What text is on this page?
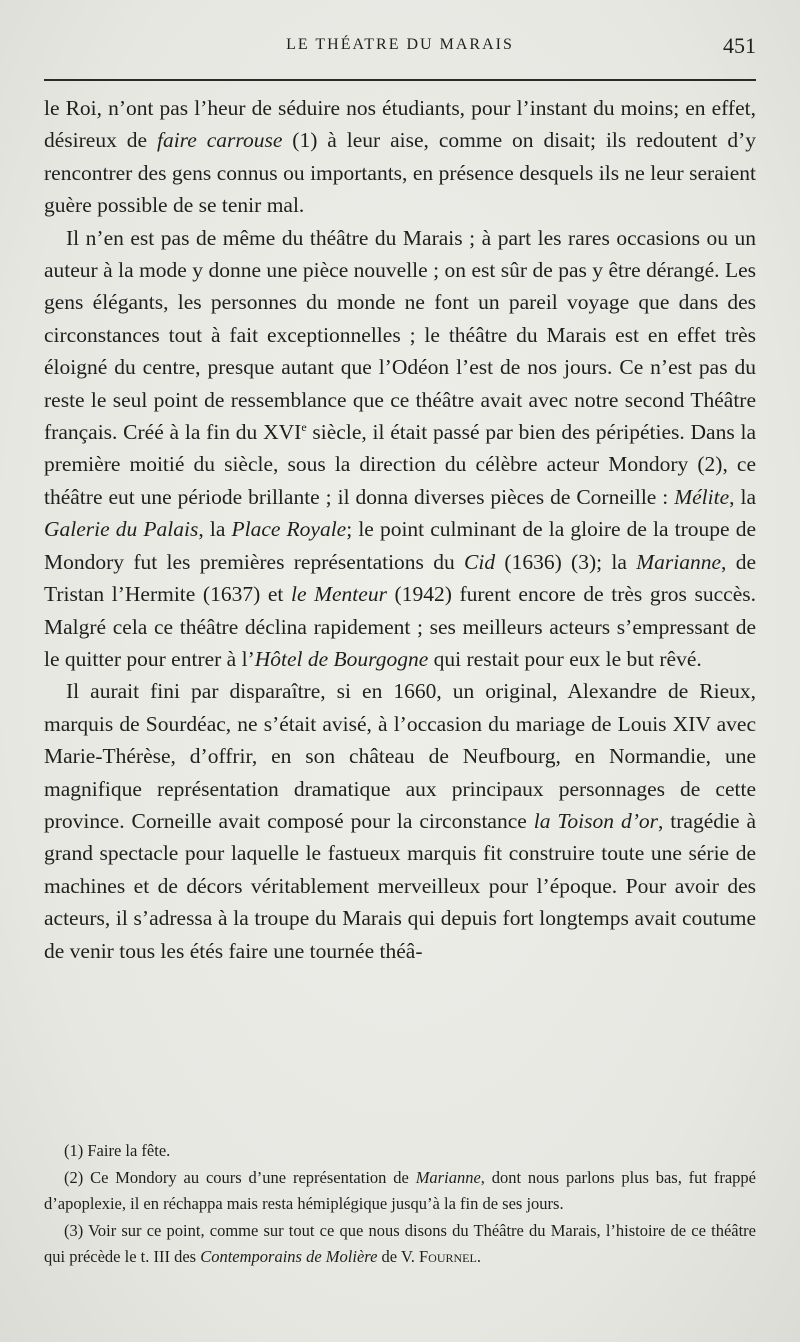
LE THÉATRE DU MARAIS	451

le Roi, n’ont pas l’heur de séduire nos étudiants, pour l’instant du moins; en effet, désireux de faire carrouse (1) à leur aise, comme on disait; ils redoutent d’y rencontrer des gens connus ou importants, en présence desquels ils ne leur seraient guère possible de se tenir mal.

Il n’en est pas de même du théâtre du Marais ; à part les rares occasions ou un auteur à la mode y donne une pièce nouvelle ; on est sûr de pas y être dérangé. Les gens élégants, les personnes du monde ne font un pareil voyage que dans des circonstances tout à fait exceptionnelles ; le théâtre du Marais est en effet très éloigné du centre, presque autant que l’Odéon l’est de nos jours. Ce n’est pas du reste le seul point de ressemblance que ce théâtre avait avec notre second Théâtre français. Créé à la fin du XVIe siècle, il était passé par bien des péripéties. Dans la première moitié du siècle, sous la direction du célèbre acteur Mondory (2), ce théâtre eut une période brillante ; il donna diverses pièces de Corneille : Mélite, la Galerie du Palais, la Place Royale; le point culminant de la gloire de la troupe de Mondory fut les premières représentations du Cid (1636) (3); la Marianne, de Tristan l’Hermite (1637) et le Menteur (1942) furent encore de très gros succès. Malgré cela ce théâtre déclina rapidement ; ses meilleurs acteurs s’empressant de le quitter pour entrer à l’Hôtel de Bourgogne qui restait pour eux le but rêvé.

Il aurait fini par disparaître, si en 1660, un original, Alexandre de Rieux, marquis de Sourdéac, ne s’était avisé, à l’occasion du mariage de Louis XIV avec Marie-Thérèse, d’offrir, en son château de Neufbourg, en Normandie, une magnifique représentation dramatique aux principaux personnages de cette province. Corneille avait composé pour la circonstance la Toison d’or, tragédie à grand spectacle pour laquelle le fastueux marquis fit construire toute une série de machines et de décors véritablement merveilleux pour l’époque. Pour avoir des acteurs, il s’adressa à la troupe du Marais qui depuis fort longtemps avait coutume de venir tous les étés faire une tournée théâ-

(1) Faire la fête.

(2) Ce Mondory au cours d’une représentation de Marianne, dont nous parlons plus bas, fut frappé d’apoplexie, il en réchappa mais resta hémiplégique jusqu’à la fin de ses jours.

(3) Voir sur ce point, comme sur tout ce que nous disons du Théâtre du Marais, l’histoire de ce théâtre qui précède le t. III des Contemporains de Molière de V. Fournel.
